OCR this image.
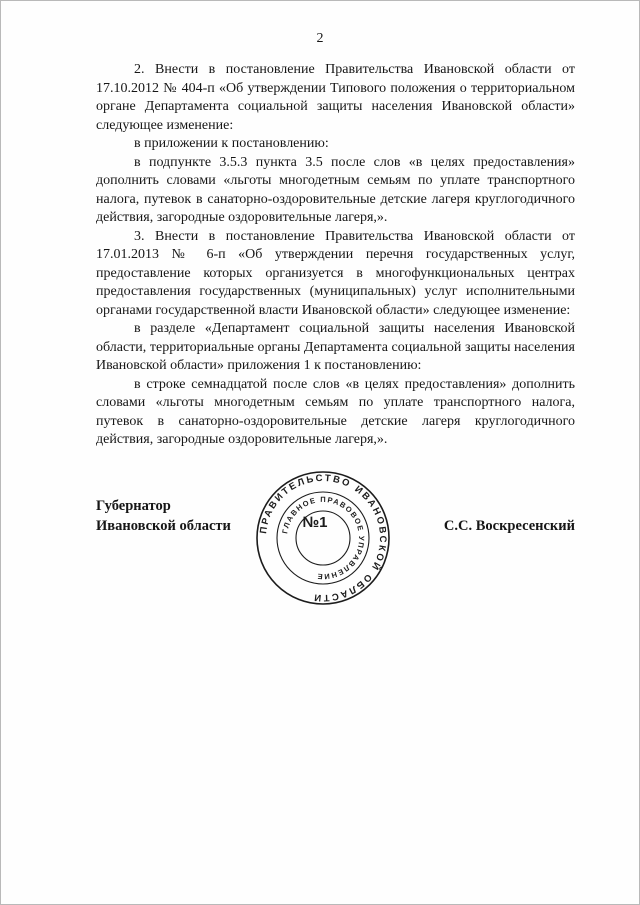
2

2. Внести в постановление Правительства Ивановской области от 17.10.2012 № 404-п «Об утверждении Типового положения о территориальном органе Департамента социальной защиты населения Ивановской области» следующее изменение:

в приложении к постановлению:

в подпункте 3.5.3 пункта 3.5 после слов «в целях предоставления» дополнить словами «льготы многодетным семьям по уплате транспортного налога, путевок в санаторно-оздоровительные детские лагеря круглогодичного действия, загородные оздоровительные лагеря,».

3. Внести в постановление Правительства Ивановской области от 17.01.2013 № 6-п «Об утверждении перечня государственных услуг, предоставление которых организуется в многофункциональных центрах предоставления государственных (муниципальных) услуг исполнительными органами государственной власти Ивановской области» следующее изменение:

в разделе «Департамент социальной защиты населения Ивановской области, территориальные органы Департамента социальной защиты населения Ивановской области» приложения 1 к постановлению:

в строке семнадцатой после слов «в целях предоставления» дополнить словами «льготы многодетным семьям по уплате транспортного налога, путевок в санаторно-оздоровительные детские лагеря круглогодичного действия, загородные оздоровительные лагеря,».

Губернатор
Ивановской области	С.С. Воскресенский
ПРАВИТЕЛЬСТВО ИВАНОВСКОЙ ОБЛАСТИ
ГЛАВНОЕ ПРАВОВОЕ УПРАВЛЕНИЕ
№1
